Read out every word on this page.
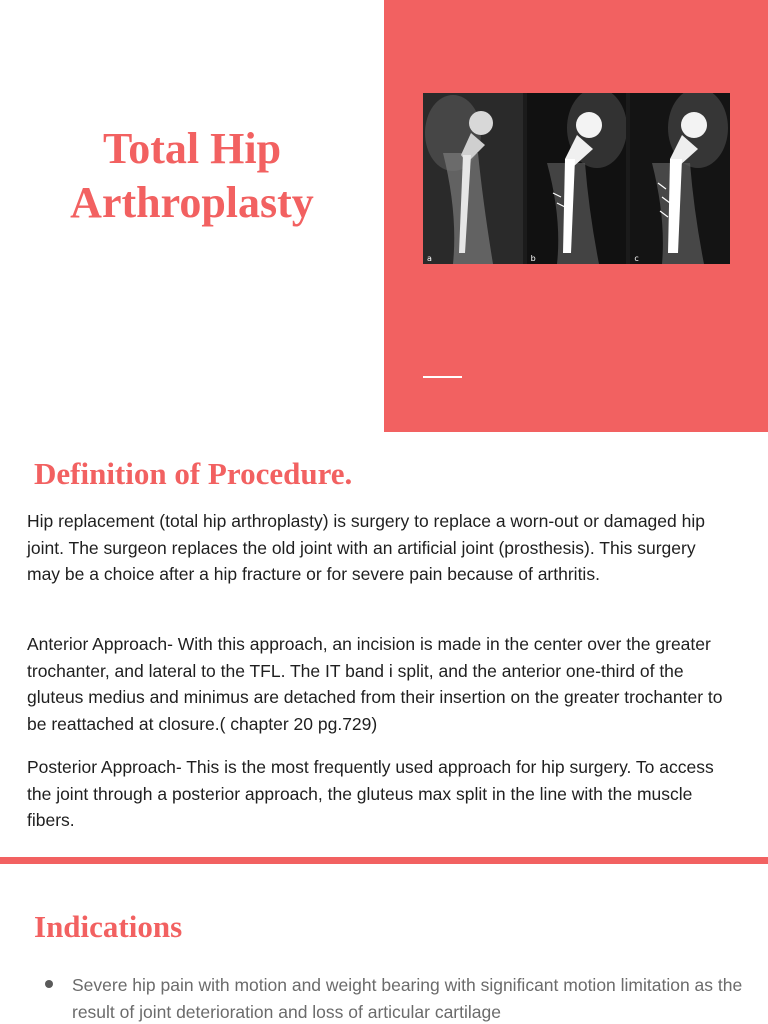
Total Hip Arthroplasty
a	b	c
Definition of Procedure.

Hip replacement (total hip arthroplasty) is surgery to replace a worn-out or damaged hip joint. The surgeon replaces the old joint with an artificial joint (prosthesis). This surgery may be a choice after a hip fracture or for severe pain because of arthritis.

Anterior Approach- With this approach, an incision is made in the center over the greater trochanter, and lateral to the TFL. The IT band i split, and the anterior one-third of the gluteus medius and minimus are detached from their insertion on the greater trochanter to be reattached at closure.( chapter 20 pg.729)

Posterior Approach- This is the most frequently used approach for hip surgery. To access the joint through a posterior approach, the gluteus max split in the line with the muscle fibers.

Indications
Severe hip pain with motion and weight bearing with significant motion limitation as the result of joint deterioration and loss of articular cartilage
